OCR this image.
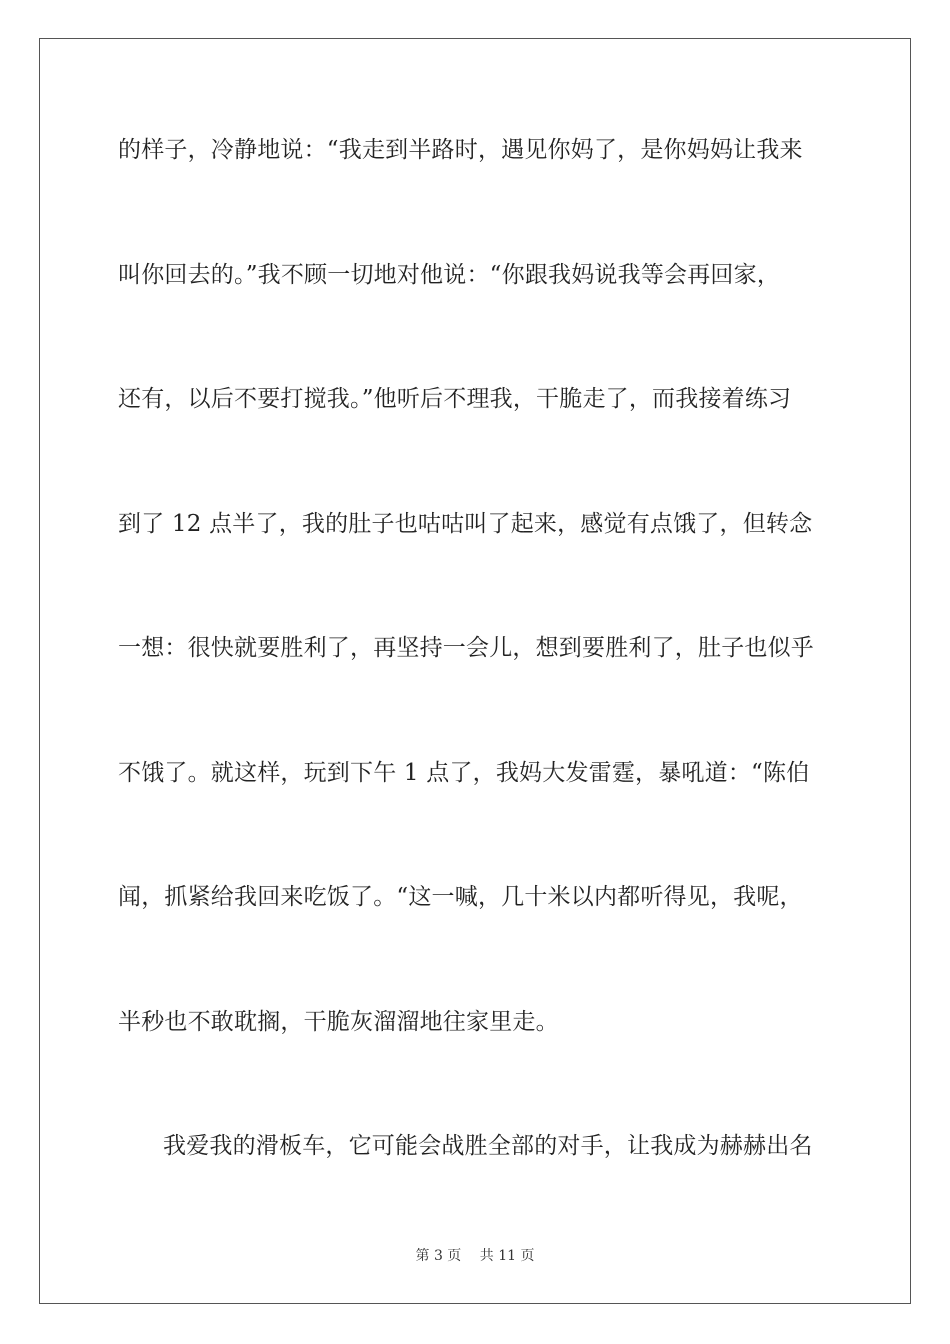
的样子，冷静地说：“我走到半路时，遇见你妈了，是你妈妈让我来
叫你回去的。”我不顾一切地对他说：“你跟我妈说我等会再回家，
还有，以后不要打搅我。”他听后不理我，干脆走了，而我接着练习
到了 12 点半了，我的肚子也咕咕叫了起来，感觉有点饿了，但转念
一想：很快就要胜利了，再坚持一会儿，想到要胜利了，肚子也似乎
不饿了。就这样，玩到下午 1 点了，我妈大发雷霆，暴吼道：“陈伯
闻，抓紧给我回来吃饭了。“这一喊，几十米以内都听得见，我呢，
半秒也不敢耽搁，干脆灰溜溜地往家里走。
我爱我的滑板车，它可能会战胜全部的对手，让我成为赫赫出名
第 3 页 共 11 页
